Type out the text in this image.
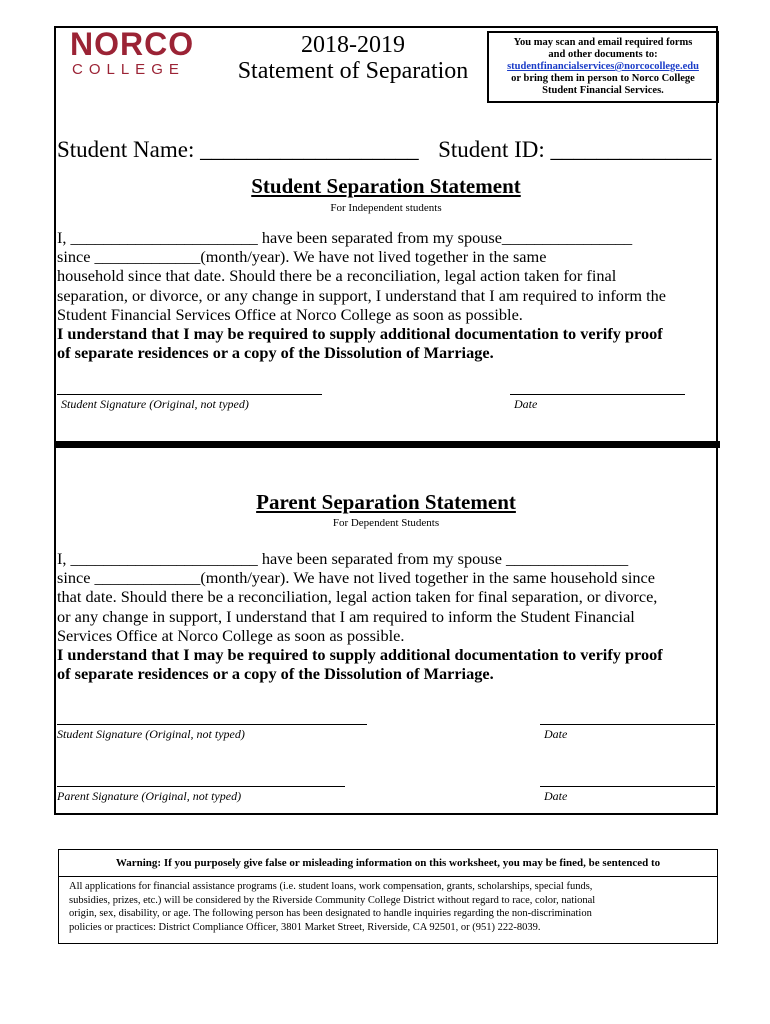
NORCO
COLLEGE
2018-2019
Statement of Separation
You may scan and email required forms
and other documents to:
studentfinancialservices@norcocollege.edu
or bring them in person to Norco College
Student Financial Services.
Student Name: ___________________ Student ID: ______________
Student Separation Statement
For Independent students
I, _______________________ have been separated from my spouse________________
since _____________(month/year). We have not lived together in the same
household since that date. Should there be a reconciliation, legal action taken for final
separation, or divorce, or any change in support, I understand that I am required to inform the
Student Financial Services Office at Norco College as soon as possible.
I understand that I may be required to supply additional documentation to verify proof
of separate residences or a copy of the Dissolution of Marriage.
Student Signature (Original, not typed)	Date
Parent Separation Statement
For Dependent Students
I, _______________________ have been separated from my spouse _______________
since _____________(month/year). We have not lived together in the same household since
that date. Should there be a reconciliation, legal action taken for final separation, or divorce,
or any change in support, I understand that I am required to inform the Student Financial
Services Office at Norco College as soon as possible.
I understand that I may be required to supply additional documentation to verify proof
of separate residences or a copy of the Dissolution of Marriage.
Student Signature (Original, not typed)	Date
Parent Signature (Original, not typed)	Date
Warning: If you purposely give false or misleading information on this worksheet, you may be fined, be sentenced to
All applications for financial assistance programs (i.e. student loans, work compensation, grants, scholarships, special funds,
subsidies, prizes, etc.) will be considered by the Riverside Community College District without regard to race, color, national
origin, sex, disability, or age. The following person has been designated to handle inquiries regarding the non-discrimination
policies or practices: District Compliance Officer, 3801 Market Street, Riverside, CA 92501, or (951) 222-8039.
